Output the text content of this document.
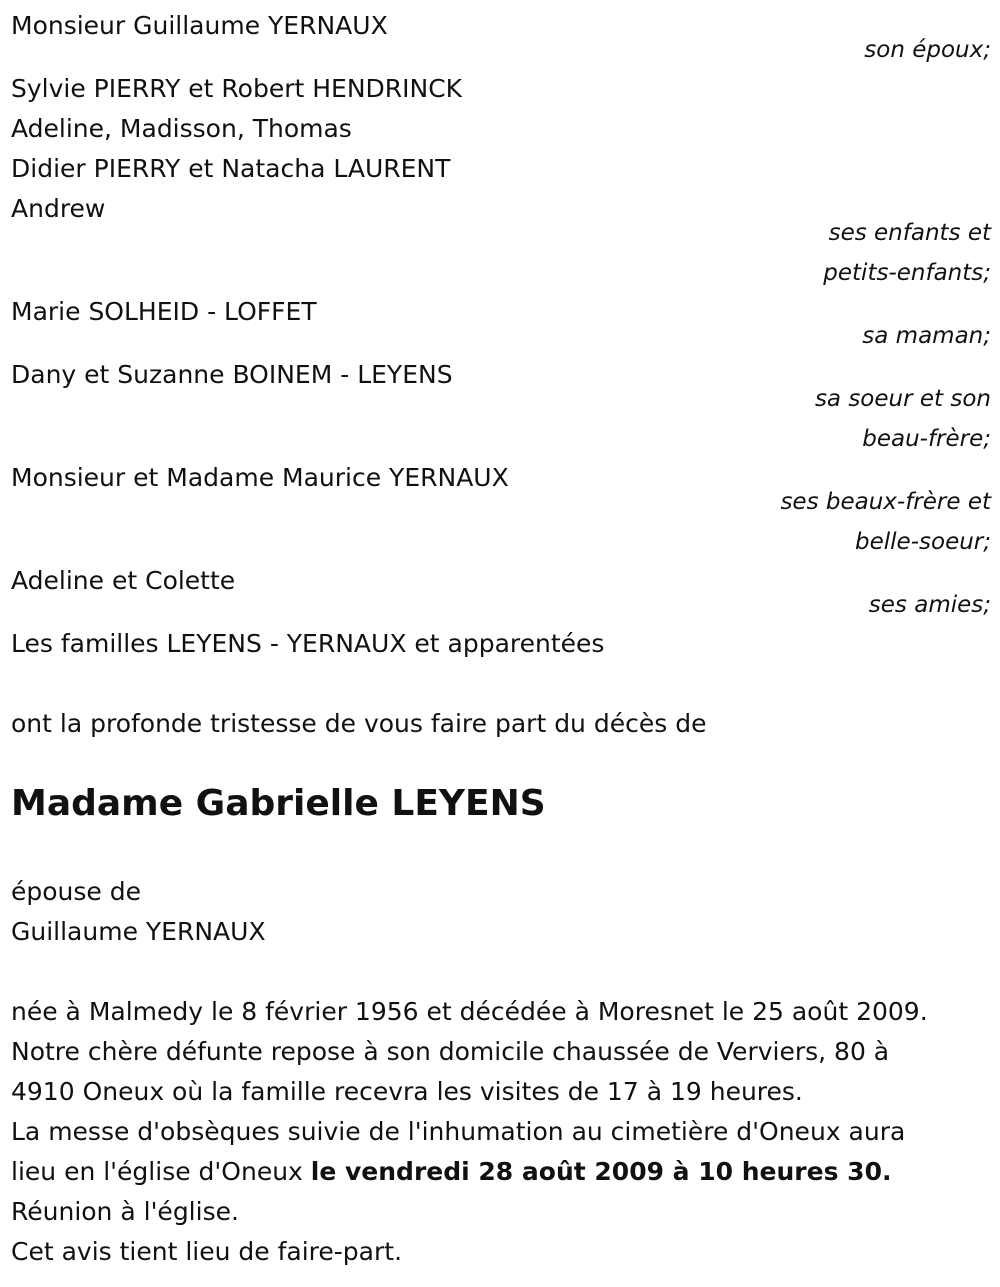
Monsieur Guillaume YERNAUX
son époux;
Sylvie PIERRY et Robert HENDRINCK
Adeline, Madisson, Thomas
Didier PIERRY et Natacha LAURENT
Andrew
ses enfants et
petits-enfants;
Marie SOLHEID - LOFFET
sa maman;
Dany et Suzanne BOINEM - LEYENS
sa soeur et son
beau-frère;
Monsieur et Madame Maurice YERNAUX
ses beaux-frère et
belle-soeur;
Adeline et Colette
ses amies;
Les familles LEYENS - YERNAUX et apparentées
ont la profonde tristesse de vous faire part du décès de
Madame Gabrielle LEYENS
épouse de
Guillaume YERNAUX
née à Malmedy le 8 février 1956 et décédée à Moresnet le 25 août 2009.
Notre chère défunte repose à son domicile chaussée de Verviers, 80 à
4910 Oneux où la famille recevra les visites de 17 à 19 heures.
La messe d'obsèques suivie de l'inhumation au cimetière d'Oneux aura
lieu en l'église d'Oneux le vendredi 28 août 2009 à 10 heures 30.
Réunion à l'église.
Cet avis tient lieu de faire-part.
